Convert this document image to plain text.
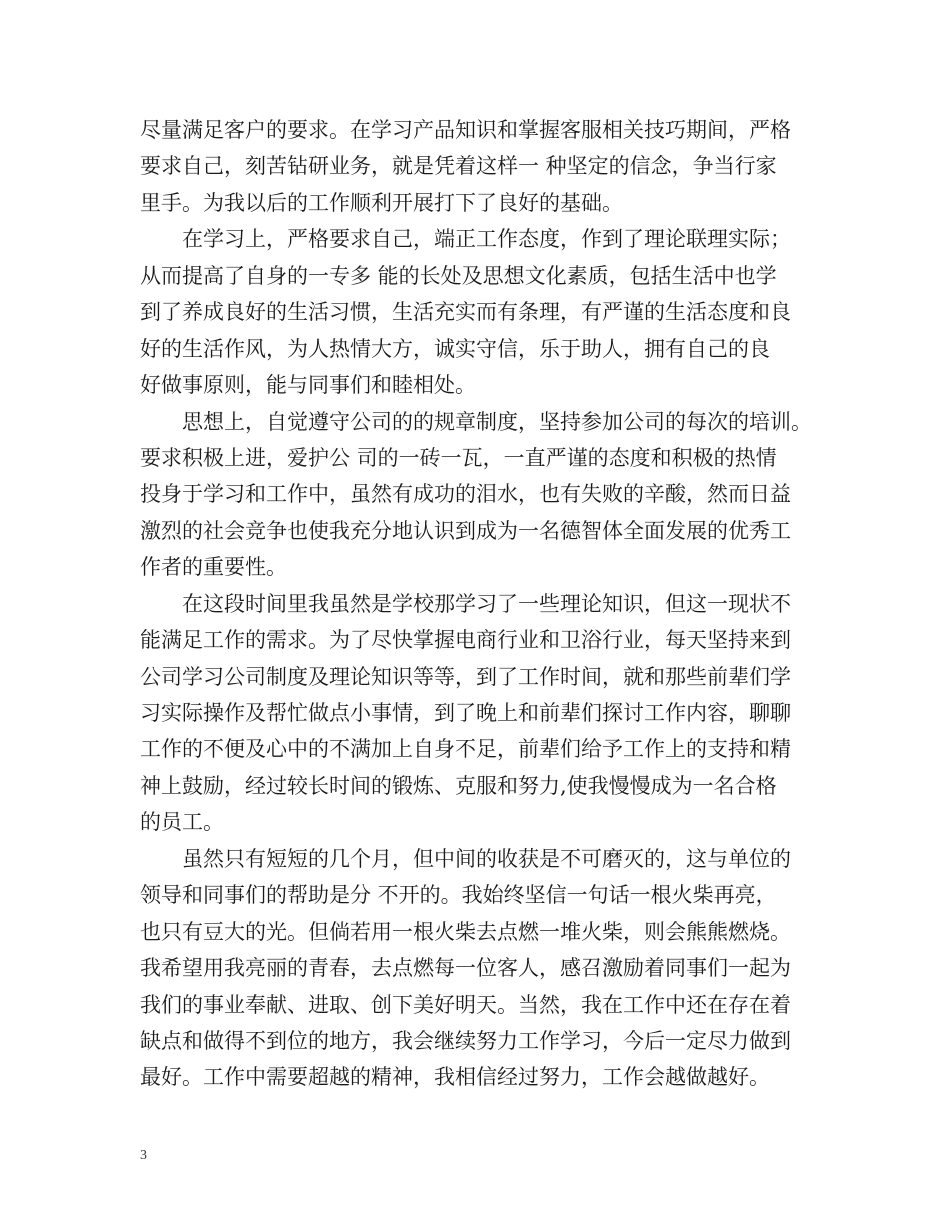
尽量满足客户的要求。在学习产品知识和掌握客服相关技巧期间，严格
要求自己，刻苦钻研业务，就是凭着这样一 种坚定的信念，争当行家
里手。为我以后的工作顺利开展打下了良好的基础。
在学习上，严格要求自己，端正工作态度，作到了理论联理实际；
从而提高了自身的一专多 能的长处及思想文化素质，包括生活中也学
到了养成良好的生活习惯，生活充实而有条理，有严谨的生活态度和良
好的生活作风，为人热情大方，诚实守信，乐于助人，拥有自己的良
好做事原则，能与同事们和睦相处。
思想上，自觉遵守公司的的规章制度，坚持参加公司的每次的培训。
要求积极上进，爱护公 司的一砖一瓦，一直严谨的态度和积极的热情
投身于学习和工作中，虽然有成功的泪水，也有失败的辛酸，然而日益
激烈的社会竞争也使我充分地认识到成为一名德智体全面发展的优秀工
作者的重要性。
在这段时间里我虽然是学校那学习了一些理论知识，但这一现状不
能满足工作的需求。为了尽快掌握电商行业和卫浴行业，每天坚持来到
公司学习公司制度及理论知识等等，到了工作时间，就和那些前辈们学
习实际操作及帮忙做点小事情，到了晚上和前辈们探讨工作内容，聊聊
工作的不便及心中的不满加上自身不足，前辈们给予工作上的支持和精
神上鼓励，经过较长时间的锻炼、克服和努力,使我慢慢成为一名合格
的员工。
虽然只有短短的几个月，但中间的收获是不可磨灭的，这与单位的
领导和同事们的帮助是分 不开的。我始终坚信一句话一根火柴再亮，
也只有豆大的光。但倘若用一根火柴去点燃一堆火柴，则会熊熊燃烧。
我希望用我亮丽的青春，去点燃每一位客人，感召激励着同事们一起为
我们的事业奉献、进取、创下美好明天。当然，我在工作中还在存在着
缺点和做得不到位的地方，我会继续努力工作学习，今后一定尽力做到
最好。工作中需要超越的精神，我相信经过努力，工作会越做越好。
3
